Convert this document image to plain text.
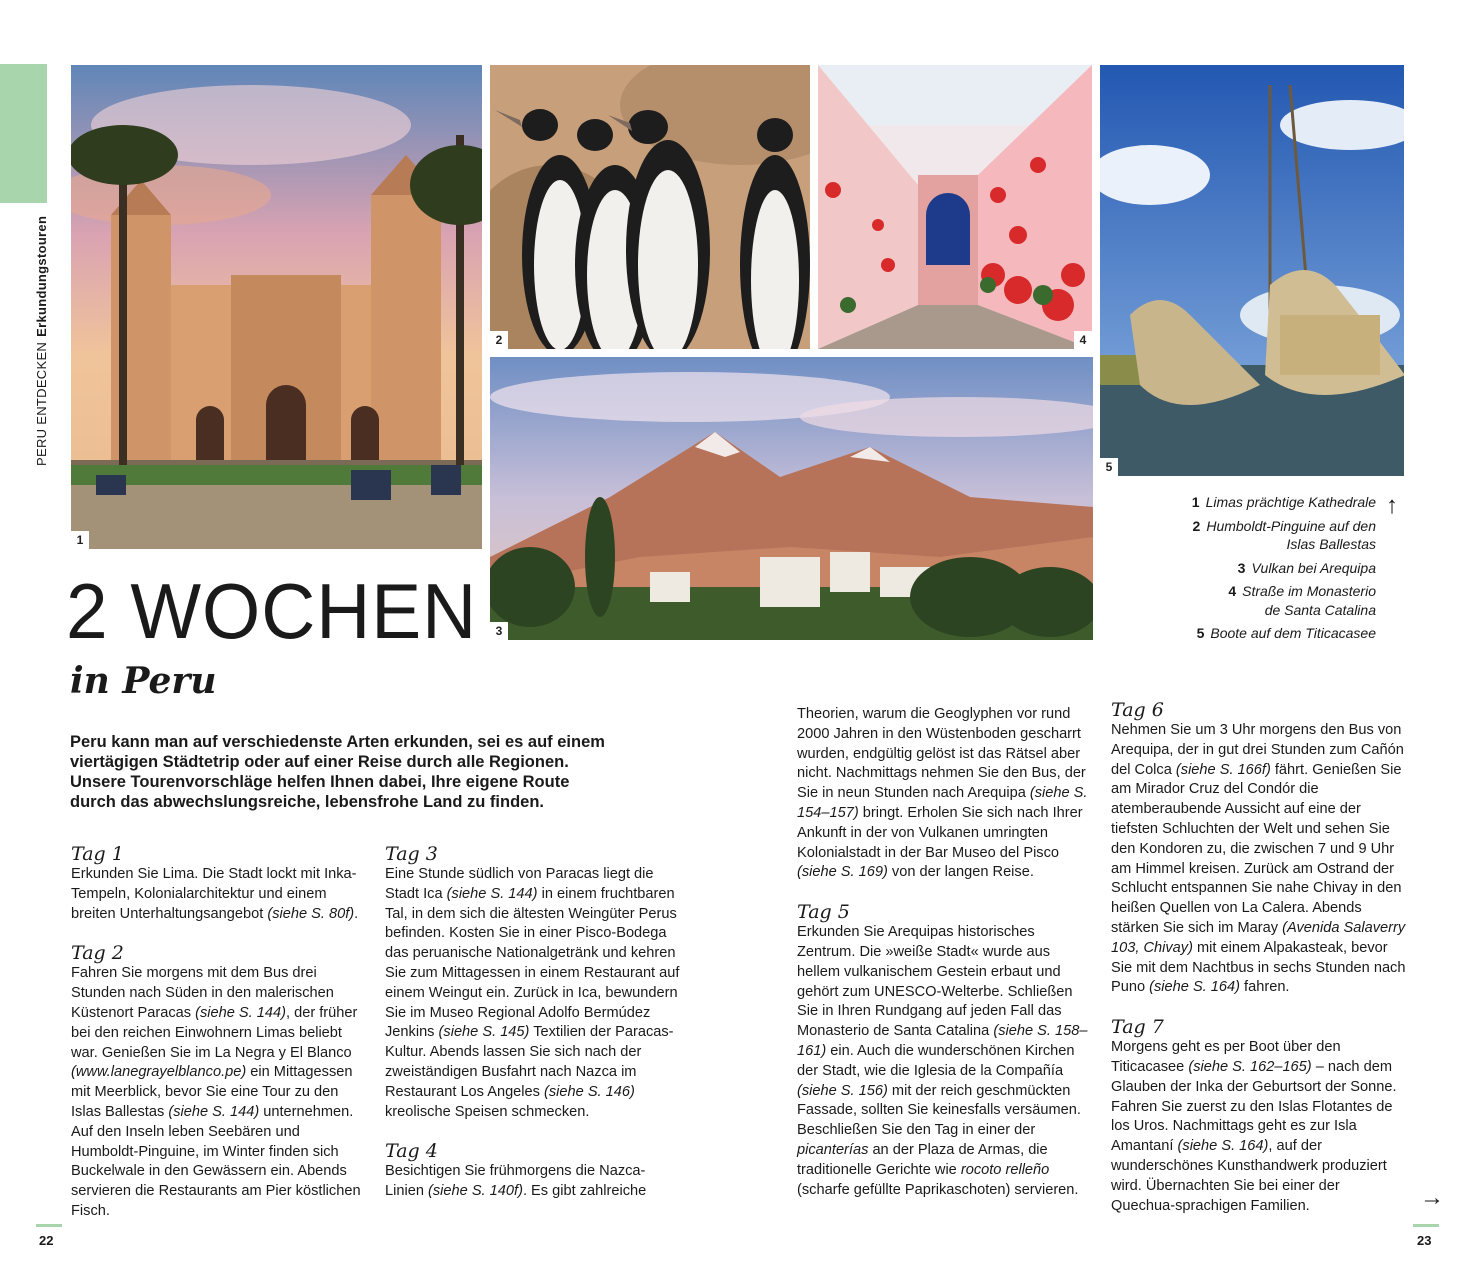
PERU ENTDECKENErkundungstouren
1
2	4
5
3
1 Limas prächtige Kathedrale
2 Humboldt-Pinguine auf den Islas Ballestas
3 Vulkan bei Arequipa
4 Straße im Monasterio de Santa Catalina
5 Boote auf dem Titicacasee
↑
2 WOCHEN
in Peru
Peru kann man auf verschiedenste Arten erkunden, sei es auf einem viertägigen Städtetrip oder auf einer Reise durch alle Regionen. Unsere Tourenvorschläge helfen Ihnen dabei, Ihre eigene Route durch das abwechslungsreiche, lebensfrohe Land zu finden.

Tag 1

Erkunden Sie Lima. Die Stadt lockt mit Inka-Tempeln, Kolonialarchitektur und einem breiten Unterhaltungsangebot (siehe S. 80f).

Tag 2

Fahren Sie morgens mit dem Bus drei Stunden nach Süden in den malerischen Küstenort Paracas (siehe S. 144), der früher bei den reichen Einwohnern Limas beliebt war. Genießen Sie im La Negra y El Blanco (www.lanegrayelblanco.pe) ein Mittagessen mit Meerblick, bevor Sie eine Tour zu den Islas Ballestas (siehe S. 144) unternehmen. Auf den Inseln leben Seebären und Humboldt-Pinguine, im Winter finden sich Buckelwale in den Gewässern ein. Abends servieren die Restaurants am Pier köstlichen Fisch.

Tag 3

Eine Stunde südlich von Paracas liegt die Stadt Ica (siehe S. 144) in einem fruchtbaren Tal, in dem sich die ältesten Weingüter Perus befinden. Kosten Sie in einer Pisco-Bodega das peruanische Nationalgetränk und kehren Sie zum Mittagessen in einem Restaurant auf einem Weingut ein. Zurück in Ica, bewundern Sie im Museo Regional Adolfo Bermúdez Jenkins (siehe S. 145) Textilien der Paracas-Kultur. Abends lassen Sie sich nach der zweiständigen Busfahrt nach Nazca im Restaurant Los Angeles (siehe S. 146) kreolische Speisen schmecken.

Tag 4

Besichtigen Sie frühmorgens die Nazca-Linien (siehe S. 140f). Es gibt zahlreiche

Theorien, warum die Geoglyphen vor rund 2000 Jahren in den Wüstenboden gescharrt wurden, endgültig gelöst ist das Rätsel aber nicht. Nachmittags nehmen Sie den Bus, der Sie in neun Stunden nach Arequipa (siehe S. 154–157) bringt. Erholen Sie sich nach Ihrer Ankunft in der von Vulkanen umringten Kolonialstadt in der Bar Museo del Pisco (siehe S. 169) von der langen Reise.

Tag 5

Erkunden Sie Arequipas historisches Zentrum. Die »weiße Stadt« wurde aus hellem vulkanischem Gestein erbaut und gehört zum UNESCO-Welterbe. Schließen Sie in Ihren Rundgang auf jeden Fall das Monasterio de Santa Catalina (siehe S. 158–161) ein. Auch die wunderschönen Kirchen der Stadt, wie die Iglesia de la Compañía (siehe S. 156) mit der reich geschmückten Fassade, sollten Sie keinesfalls versäumen. Beschließen Sie den Tag in einer der picanterías an der Plaza de Armas, die traditionelle Gerichte wie rocoto relleño (scharfe gefüllte Paprikaschoten) servieren.

Tag 6

Nehmen Sie um 3 Uhr morgens den Bus von Arequipa, der in gut drei Stunden zum Cañón del Colca (siehe S. 166f) fährt. Genießen Sie am Mirador Cruz del Condór die atemberaubende Aussicht auf eine der tiefsten Schluchten der Welt und sehen Sie den Kondoren zu, die zwischen 7 und 9 Uhr am Himmel kreisen. Zurück am Ostrand der Schlucht entspannen Sie nahe Chivay in den heißen Quellen von La Calera. Abends stärken Sie sich im Maray (Avenida Salaverry 103, Chivay) mit einem Alpakasteak, bevor Sie mit dem Nachtbus in sechs Stunden nach Puno (siehe S. 164) fahren.

Tag 7

Morgens geht es per Boot über den Titicacasee (siehe S. 162–165) – nach dem Glauben der Inka der Geburtsort der Sonne. Fahren Sie zuerst zu den Islas Flotantes de los Uros. Nachmittags geht es zur Isla Amantaní (siehe S. 164), auf der wunderschönes Kunsthandwerk produziert wird. Übernachten Sie bei einer der Quechua-sprachigen Familien.	→
22	23
